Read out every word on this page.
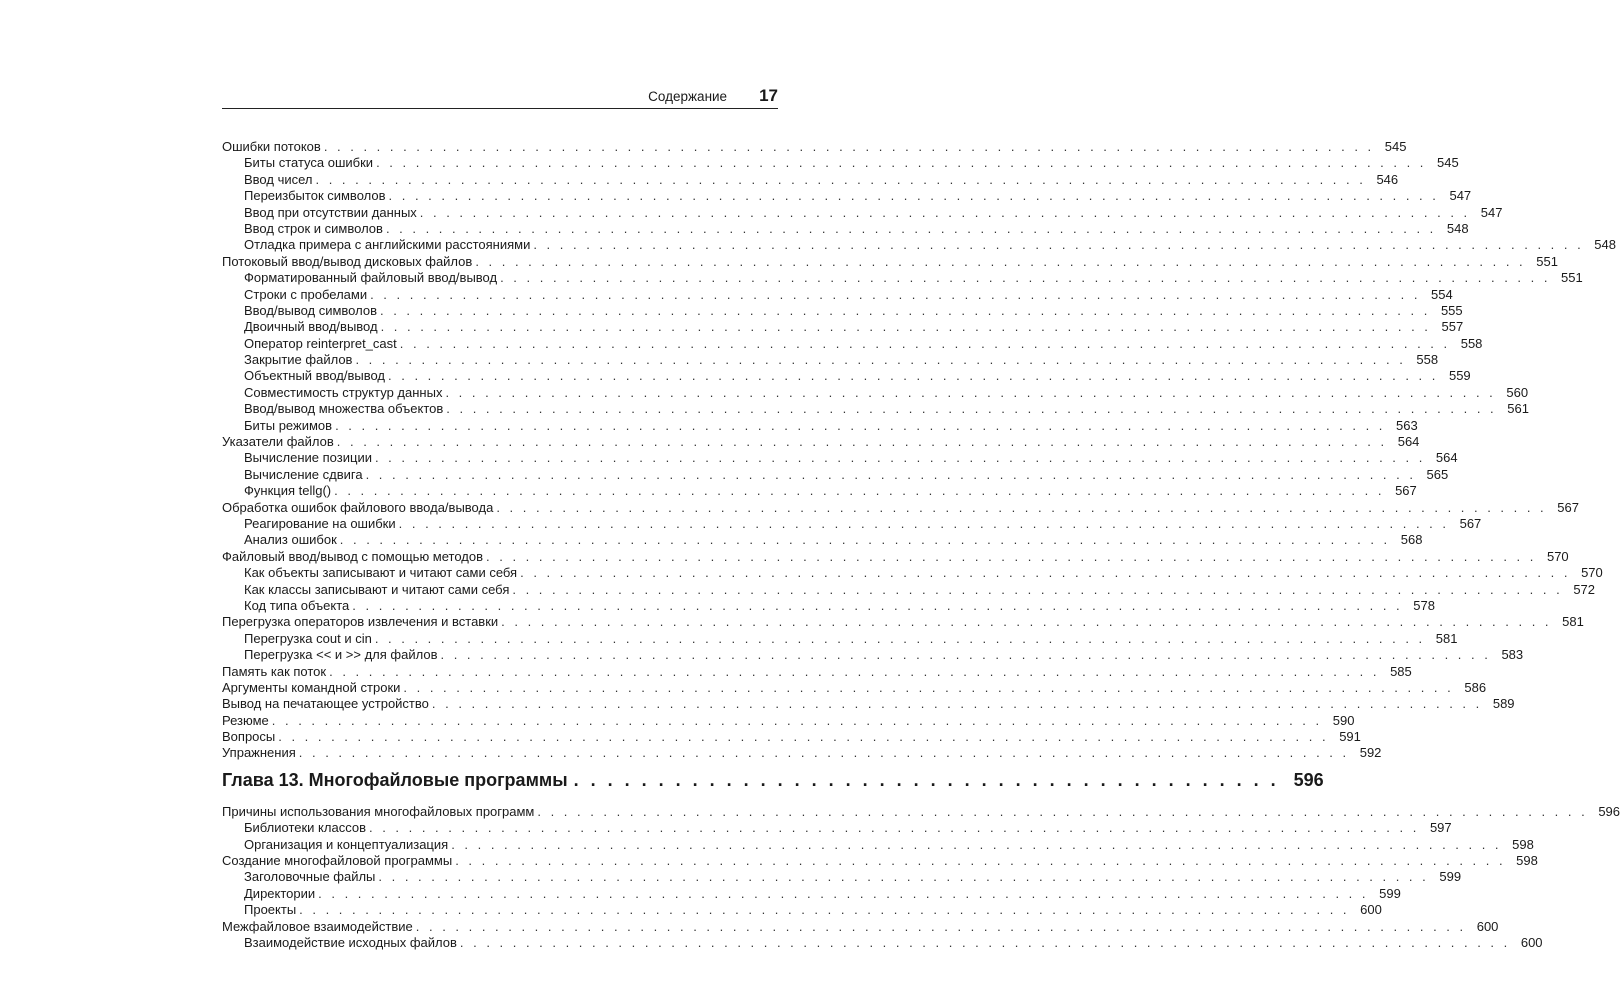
Содержание 17
Ошибки потоков ................................................................................ 545
Биты статуса ошибки ................................................................................ 545
Ввод чисел ................................................................................ 546
Переизбыток символов ................................................................................ 547
Ввод при отсутствии данных ................................................................................ 547
Ввод строк и символов ................................................................................ 548
Отладка примера с английскими расстояниями ................................................................................ 548
Потоковый ввод/вывод дисковых файлов ................................................................................ 551
Форматированный файловый ввод/вывод ................................................................................ 551
Строки с пробелами ................................................................................ 554
Ввод/вывод символов ................................................................................ 555
Двоичный ввод/вывод ................................................................................ 557
Оператор reinterpret_cast ................................................................................ 558
Закрытие файлов ................................................................................ 558
Объектный ввод/вывод ................................................................................ 559
Совместимость структур данных ................................................................................ 560
Ввод/вывод множества объектов ................................................................................ 561
Биты режимов ................................................................................ 563
Указатели файлов ................................................................................ 564
Вычисление позиции ................................................................................ 564
Вычисление сдвига ................................................................................ 565
Функция tellg() ................................................................................ 567
Обработка ошибок файлового ввода/вывода ................................................................................ 567
Реагирование на ошибки ................................................................................ 567
Анализ ошибок ................................................................................ 568
Файловый ввод/вывод с помощью методов ................................................................................ 570
Как объекты записывают и читают сами себя ................................................................................ 570
Как классы записывают и читают сами себя ................................................................................ 572
Код типа объекта ................................................................................ 578
Перегрузка операторов извлечения и вставки ................................................................................ 581
Перегрузка cout и cin ................................................................................ 581
Перегрузка << и >> для файлов ................................................................................ 583
Память как поток ................................................................................ 585
Аргументы командной строки ................................................................................ 586
Вывод на печатающее устройство ................................................................................ 589
Резюме ................................................................................ 590
Вопросы ................................................................................ 591
Упражнения ................................................................................ 592
Глава 13. Многофайловые программы .......................................... 596
Причины использования многофайловых программ ................................................................................ 596
Библиотеки классов ................................................................................ 597
Организация и концептуализация ................................................................................ 598
Создание многофайловой программы ................................................................................ 598
Заголовочные файлы ................................................................................ 599
Директории ................................................................................ 599
Проекты ................................................................................ 600
Межфайловое взаимодействие ................................................................................ 600
Взаимодействие исходных файлов ................................................................................ 600
